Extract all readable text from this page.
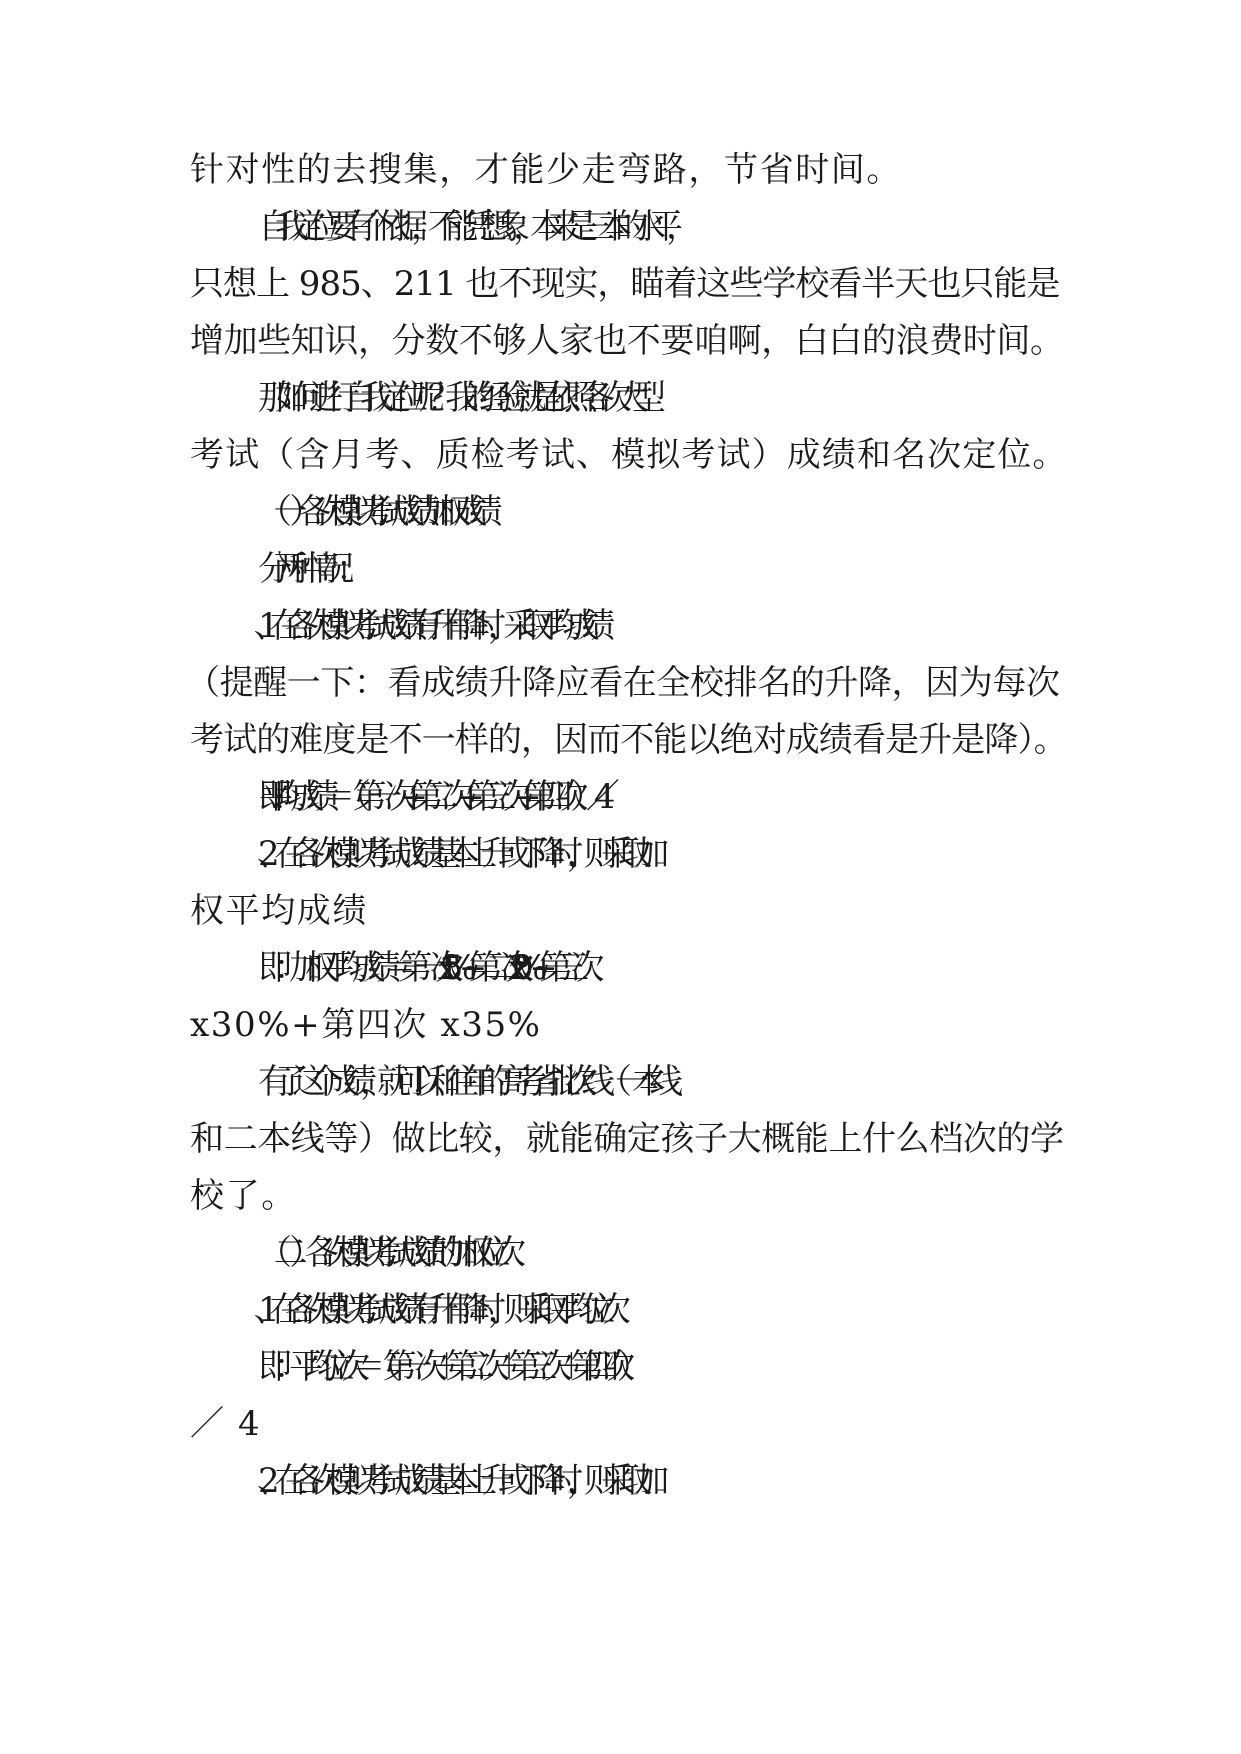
针对性的去搜集，才能少走弯路，节省时间。
自我定位要有个依据，不能凭想象，本来是三本的水平，
只想上 985、211 也不现实，瞄着这些学校看半天也只能是
增加些知识，分数不够人家也不要咱啊，白白的浪费时间。
那如何进行自我定位呢？我的经验就是依照各次大型
考试（含月考、质检考试、模拟考试）成绩和名次定位。
（一） 各次模拟考试成绩加权成绩
分两种情况：
1 、在各次模拟考试成绩有升有降时，采取平均成绩
（提醒一下：看成绩升降应看在全校排名的升降，因为每次
考试的难度是不一样的，因而不能以绝对成绩看是升是降）。
即: 平均成绩＝（第一次+第二次+第三次+第四次）／ 4
2 、在各次模拟考试成绩基本上升或下降时，则采取加
权平均成绩
即：加权平均成绩＝第一次 x15%+第二次 x20%+第三次
x30%+第四次 x35%
有了这个成绩，就可以和往年的高考省批次线（一本线
和二本线等）做比较，就能确定孩子大概能上什么档次的学
校了。
（二）各次模拟考试成绩的加权位次
1 、在各次模拟考试成绩有升有降时，则采取平均位次
即：平均位次＝（第一次＋第二次＋第三次＋第四次）
／ 4
2 、在各次模拟考试成绩基本上升或下降时，则采取加
